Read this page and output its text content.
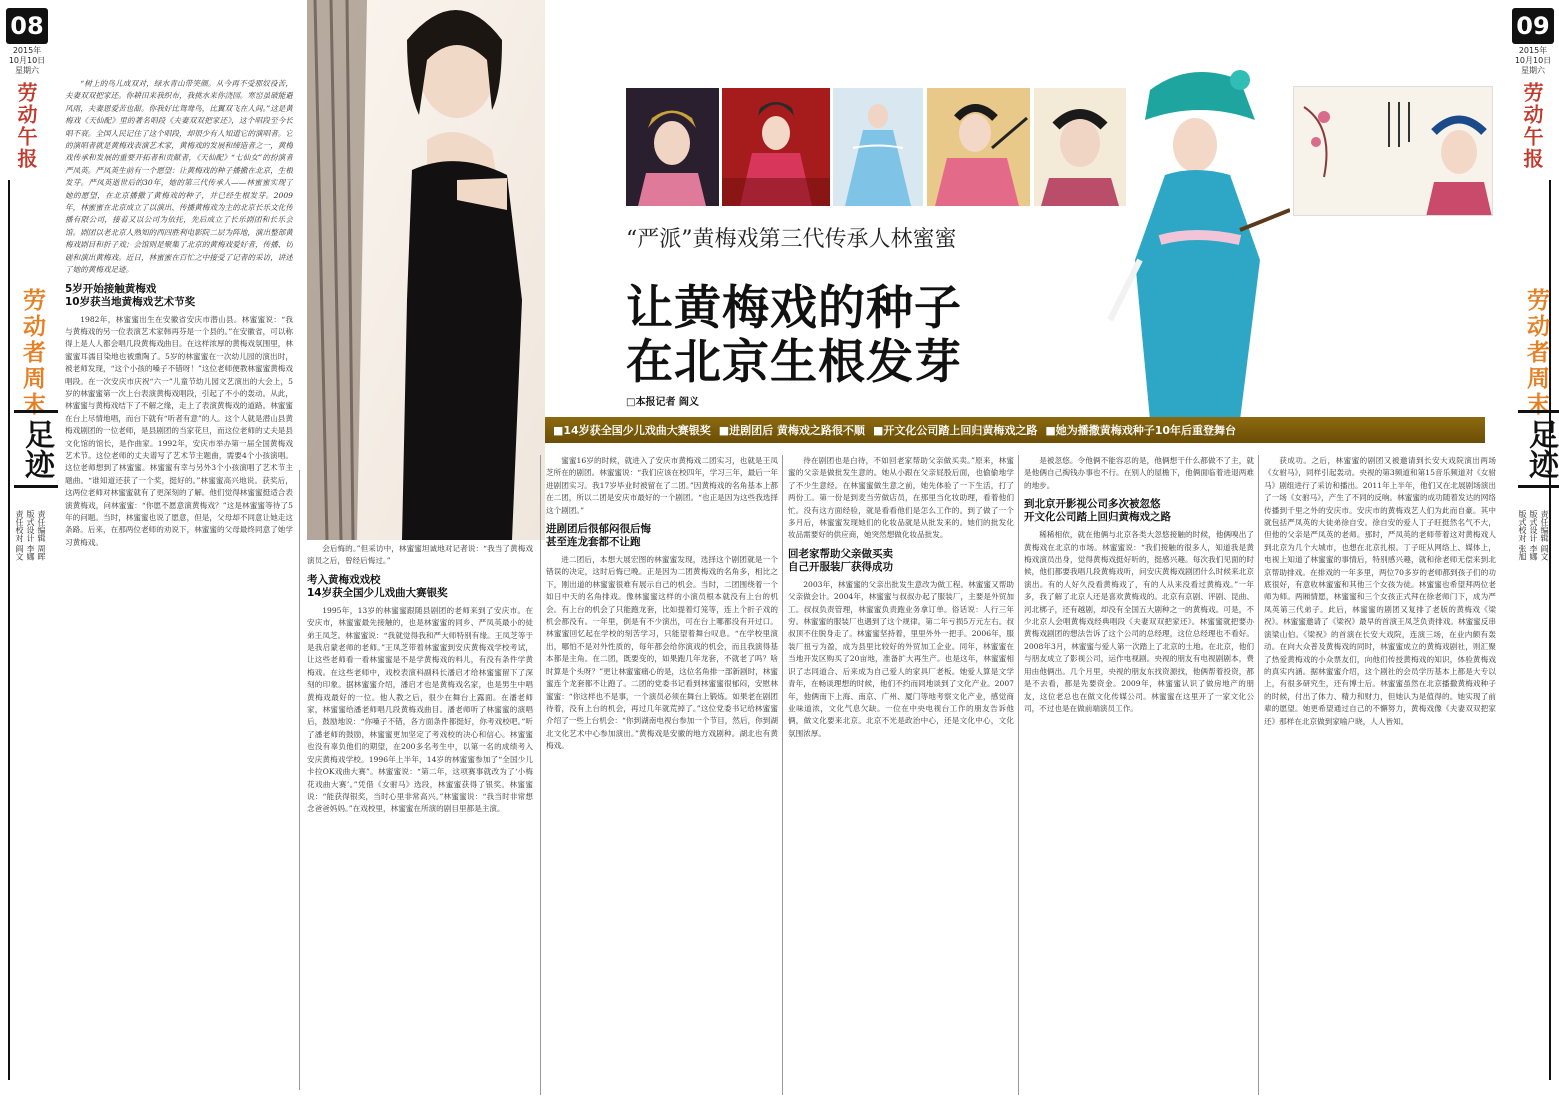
08
2015年
10月10日
星期六
劳动午报
劳动者周末
足迹
责任编辑 周晖
版式设计 李娜
责任校对 阎文
09
2015年
10月10日
星期六
劳动午报
劳动者周末
足迹
责任编辑 阎文
版式设计 李娜
版式校对 张旭

“树上的鸟儿成双对，绿水青山带笑颜。从今再不受那奴役苦，夫妻双双把家还。你耕田来我织布，我挑水来你浇园。寒窑虽破能避风雨，夫妻恩爱苦也甜。你我好比鸳鸯鸟，比翼双飞在人间。”这是黄梅戏《天仙配》里的著名唱段《夫妻双双把家还》，这个唱段至今长唱不衰。全国人民记住了这个唱段，却很少有人知道它的演唱者。它的演唱者就是黄梅戏表演艺术家，黄梅戏的发展和缔造者之一，黄梅戏传承和发展的重要开拓者和贡献者，《天仙配》“七仙女”的扮演者严凤英。严凤英生前有一个愿望：让黄梅戏的种子播撒在北京，生根发芽。严凤英逝世后的30年，她的第三代传承人——林蜜蜜实现了她的愿望，在北京播撒了黄梅戏的种子，并已经生根发芽。2009年，林蜜蜜在北京成立了以演出、传播黄梅戏为主的北京长乐文化传播有限公司，接着又以公司为依托，先后成立了长乐剧团和长乐会馆。剧团以老北京人熟知的西四胜利电影院二层为阵地，演出整部黄梅戏剧目和折子戏；会馆则是聚集了北京的黄梅戏爱好者，传播、切磋和演出黄梅戏。近日，林蜜蜜在百忙之中接受了记者的采访，讲述了她的黄梅戏足迹。

5岁开始接触黄梅戏
10岁获当地黄梅戏艺术节奖

1982年，林蜜蜜出生在安徽省安庆市潜山县。林蜜蜜说：“我与黄梅戏的另一位表演艺术家韩再芬是一个县的。”在安徽省，可以称得上是人人都会唱几段黄梅戏曲目。在这样浓厚的黄梅戏氛围里，林蜜蜜耳濡目染地也被熏陶了。5岁的林蜜蜜在一次幼儿园的演出时，被老师发现，“这个小孩的嗓子不错呀！”这位老师便教林蜜蜜黄梅戏唱段。在一次安庆市庆祝“六一”儿童节幼儿园文艺演出的大会上，5岁的林蜜蜜第一次上台表演黄梅戏唱段，引起了不小的轰动。从此，林蜜蜜与黄梅戏结下了不解之缘，走上了表演黄梅戏的道路。林蜜蜜在台上尽情地唱，而台下就有“听者有意”的人。这个人就是潜山县黄梅戏剧团的一位老师，是县剧团的当家花旦，而这位老师的丈夫是县文化馆的馆长，是作曲家。1992年，安庆市举办第一届全国黄梅戏艺术节。这位老师的丈夫谱写了艺术节主题曲，需要4个小孩演唱。这位老师想到了林蜜蜜。林蜜蜜有幸与另外3个小孩演唱了艺术节主题曲。“谁知道还获了一个奖，挺好的。”林蜜蜜高兴地说。获奖后，这两位老师对林蜜蜜就有了更深刻的了解。他们觉得林蜜蜜挺适合表演黄梅戏，问林蜜蜜：“你愿不愿意演黄梅戏？”这是林蜜蜜等待了5年的问题。当时，林蜜蜜也说了愿意，但是，父母却不同意让她走这条路。后来，在那两位老师的劝说下，林蜜蜜的父母最终同意了她学习黄梅戏。

会后悔的。”但采访中，林蜜蜜坦诚地对记者说：“我当了黄梅戏演员之后，曾经后悔过。”

考入黄梅戏戏校
14岁获全国少儿戏曲大赛银奖

1995年，13岁的林蜜蜜跟随县剧团的老师来到了安庆市。在安庆市，林蜜蜜最先接触的，也是林蜜蜜的同乡、严凤英最小的徒弟王凤芝。林蜜蜜说：“我就觉得我和严大师特别有缘。王凤芝等于是我启蒙老师的老师。”王凤芝带着林蜜蜜到安庆黄梅戏学校考试，让这些老师看一看林蜜蜜是不是学黄梅戏的料儿，有没有条件学黄梅戏。在这些老师中，戏校表演科副科长潘启才给林蜜蜜留下了深刻的印象。据林蜜蜜介绍，潘启才也是黄梅戏名家，也是男生中唱黄梅戏最好的一位。他人教之后，很少在舞台上露面。在潘老师家，林蜜蜜给潘老师唱几段黄梅戏曲目。潘老师听了林蜜蜜的演唱后，鼓励地说：“你嗓子不错，各方面条件都挺好，你考戏校吧。”听了潘老师的鼓励，林蜜蜜更加坚定了考戏校的决心和信心。林蜜蜜也没有辜负他们的期望，在200多名考生中，以第一名的成绩考入安庆黄梅戏学校。1996年上半年，14岁的林蜜蜜参加了“全国少儿卡拉OK戏曲大赛”。林蜜蜜说：“第二年，这项赛事就改为了‘小梅花戏曲大赛’。”凭借《女驸马》选段，林蜜蜜获得了银奖。林蜜蜜说：“能获得银奖，当时心里非常高兴。”林蜜蜜说：“我当时非常想念爸爸妈妈。”在戏校里，林蜜蜜在所演的剧目里都是主演。

“严派”黄梅戏第三代传承人林蜜蜜
让黄梅戏的种子
在北京生根发芽
□本报记者 阎义
■14岁获全国少儿戏曲大赛银奖 ■进剧团后 黄梅戏之路很不顺 ■开文化公司踏上回归黄梅戏之路 ■她为播撒黄梅戏种子10年后重登舞台

蜜蜜16岁的时候，就进入了安庆市黄梅戏二团实习，也就是王凤芝所在的剧团。林蜜蜜说：“我们应该在校四年，学习三年，最后一年进剧团实习。我17岁毕业时被留在了二团。”因黄梅戏的名角基本上都在二团，所以二团是安庆市最好的一个剧团。“也正是因为这些我选择这个剧团。”

进剧团后很郁闷很后悔
甚至连龙套都不让跑

进二团后，本想大展宏图的林蜜蜜发现，选择这个剧团就是一个错误的决定，这时后悔已晚。正是因为二团黄梅戏的名角多，相比之下，刚出道的林蜜蜜很难有展示自己的机会。当时，二团围绕着一个如日中天的名角排戏。像林蜜蜜这样的小演员根本就没有上台的机会。有上台的机会了只能跑龙套，比如提着灯笼等，连上个折子戏的机会都没有。一年里，倒是有不少演出，可在台上哪都没有开过口。林蜜蜜回忆起在学校的刻苦学习，只能望着舞台叹息。“在学校里演出，哪怕不是对外性质的，每年都会给你演戏的机会，而且我演得基本都是主角。在二团，既要变的，如果跑几年龙套，不就老了吗？啥时算是个头呀？”更让林蜜蜜痛心的是，这位名角排一部新剧时，林蜜蜜连个龙套都不让跑了。二团的党委书记看到林蜜蜜很郁闷，安慰林蜜蜜：“你这样也不是事，一个演员必须在舞台上锻炼。如果老在剧团待着，没有上台的机会，再过几年就荒掉了。”这位党委书记给林蜜蜜介绍了一些上台机会：“你到湖南电视台参加一个节目，然后，你到湖北文化艺术中心参加演出。”黄梅戏是安徽的地方戏剧种。湖北也有黄梅戏。

待在剧团也是白待，不如回老家帮助父亲做买卖。”原来，林蜜蜜的父亲是做批发生意的。她从小跟在父亲屁股后面，也偷偷地学了不少生意经。在林蜜蜜做生意之前，她先体验了一下生活，打了两份工。第一份是到麦当劳做店员，在那里当化妆助理，看着他们忙。没有这方面经验，就是看看他们是怎么工作的。到了做了一个多月后，林蜜蜜发现她们的化妆品就是从批发来的。她们的批发化妆品需要好的供应商，她突然想做化妆品批发。

回老家帮助父亲做买卖
自己开服装厂获得成功

2003年，林蜜蜜的父亲出批发生意改为做工程。林蜜蜜又帮助父亲做会计。2004年，林蜜蜜与叔叔办起了服装厂，主要是外贸加工。叔叔负责管理，林蜜蜜负责跑业务拿订单。俗话说：人行三年穷。林蜜蜜的服装厂也遇到了这个规律。第二年亏损5万元左右。叔叔顶不住脱身走了。林蜜蜜坚持着，里里外外一把手。2006年，服装厂扭亏为盈，成为县里比较好的外贸加工企业。同年，林蜜蜜在当地开发区购买了20亩地，准备扩大再生产。也是这年，林蜜蜜相识了志同道合、后来成为自己爱人的家具厂老板。她爱人算是文学青年，在畅谈理想的时候，他们不约而同地谈到了文化产业。2007年，他俩南下上海、南京、广州、厦门等地考察文化产业，感觉商业味道浓，文化气息欠缺。一位在中央电视台工作的朋友告诉他俩，做文化要来北京。北京不光是政治中心，还是文化中心，文化氛围浓厚。

是被忽悠。令他俩不能容忍的是，他俩想干什么都做不了主，就是他俩自己掏钱办事也不行。在别人的屋檐下，他俩面临着进退两难的地步。

到北京开影视公司多次被忽悠
开文化公司踏上回归黄梅戏之路

稀稀相依，就在他俩与北京各类大忽悠接触的时候，他俩嗅出了黄梅戏在北京的市场。林蜜蜜说：“我们接触的很多人，知道我是黄梅戏演员出身，觉得黄梅戏挺好听的，挺感兴趣。每次我们见面的时候，他们都要我唱几段黄梅戏听，问安庆黄梅戏剧团什么时候来北京演出。有的人好久没看黄梅戏了，有的人从来没看过黄梅戏。”一年多，我了解了北京人还是喜欢黄梅戏的。北京有京剧、评剧、昆曲、河北梆子，还有越剧，却没有全国五大剧种之一的黄梅戏。可是，不少北京人会唱黄梅戏经典唱段《夫妻双双把家还》。林蜜蜜就把要办黄梅戏剧团的想法告诉了这个公司的总经理，这位总经理也不看好。2008年3月，林蜜蜜与爱人第一次踏上了北京的土地。在北京，他们与朋友成立了影视公司，运作电视剧。央视的朋友有电视剧剧本，费用由他俩出。几个月里，央视的朋友东找资源找，他俩帮着投资，都是不去看，都是先要资金。2009年，林蜜蜜认识了做房地产的朋友，这位老总也在做文化传媒公司。林蜜蜜在这里开了一家文化公司，不过也是在做前端演员工作。

获成功。之后，林蜜蜜的剧团又被邀请到长安大戏院演出两场《女驸马》，同样引起轰动。央视的第3频道和第15音乐频道对《女驸马》剧组进行了采访和播出。2011年上半年，他们又在北展剧场演出了一场《女驸马》，产生了不同的反响。林蜜蜜的成功随着发达的网络传播到千里之外的安庆市。安庆市的黄梅戏艺人们为此而自豪。其中就包括严凤英的大徒弟徐自安。徐自安的爱人丁子旺挺然名气不大，但他的父亲是严凤英的老师。那时，严凤英的老师带着这对黄梅戏人到北京为几个大城市，也想在北京扎根。丁子旺从网络上、媒体上，电视上知道了林蜜蜜的事情后，特别感兴趣，就和徐老师无偿来到北京帮助排戏。在排戏的一年多里，两位70多岁的老师都到孩子们的功底很好，有意收林蜜蜜和其他三个女孩为徒。林蜜蜜也希望拜两位老师为师。两厢情愿，林蜜蜜和三个女孩正式拜在徐老师门下，成为严凤英第三代弟子。此后，林蜜蜜的剧团又复排了老版的黄梅戏《梁祝》。林蜜蜜邀请了《梁祝》最早的首演王凤芝负责排戏。林蜜蜜反串演梁山伯。《梁祝》的首演在长安大戏院，连演三场，在业内颇有轰动。在向大众普及黄梅戏的同时，林蜜蜜成立的黄梅戏剧社，则汇聚了热爱黄梅戏的小众票友们，向他们传授黄梅戏的知识，体验黄梅戏的真实内涵。据林蜜蜜介绍，这个剧社的会员学历基本上都是大专以上，有很多研究生，还有博士后。林蜜蜜虽然在北京播撒黄梅戏种子的时候，付出了体力、精力和财力，但她认为是值得的。她实现了前辈的愿望。她更希望通过自己的不懈努力，黄梅戏像《夫妻双双把家还》那样在北京做到家喻户晓，人人皆知。
